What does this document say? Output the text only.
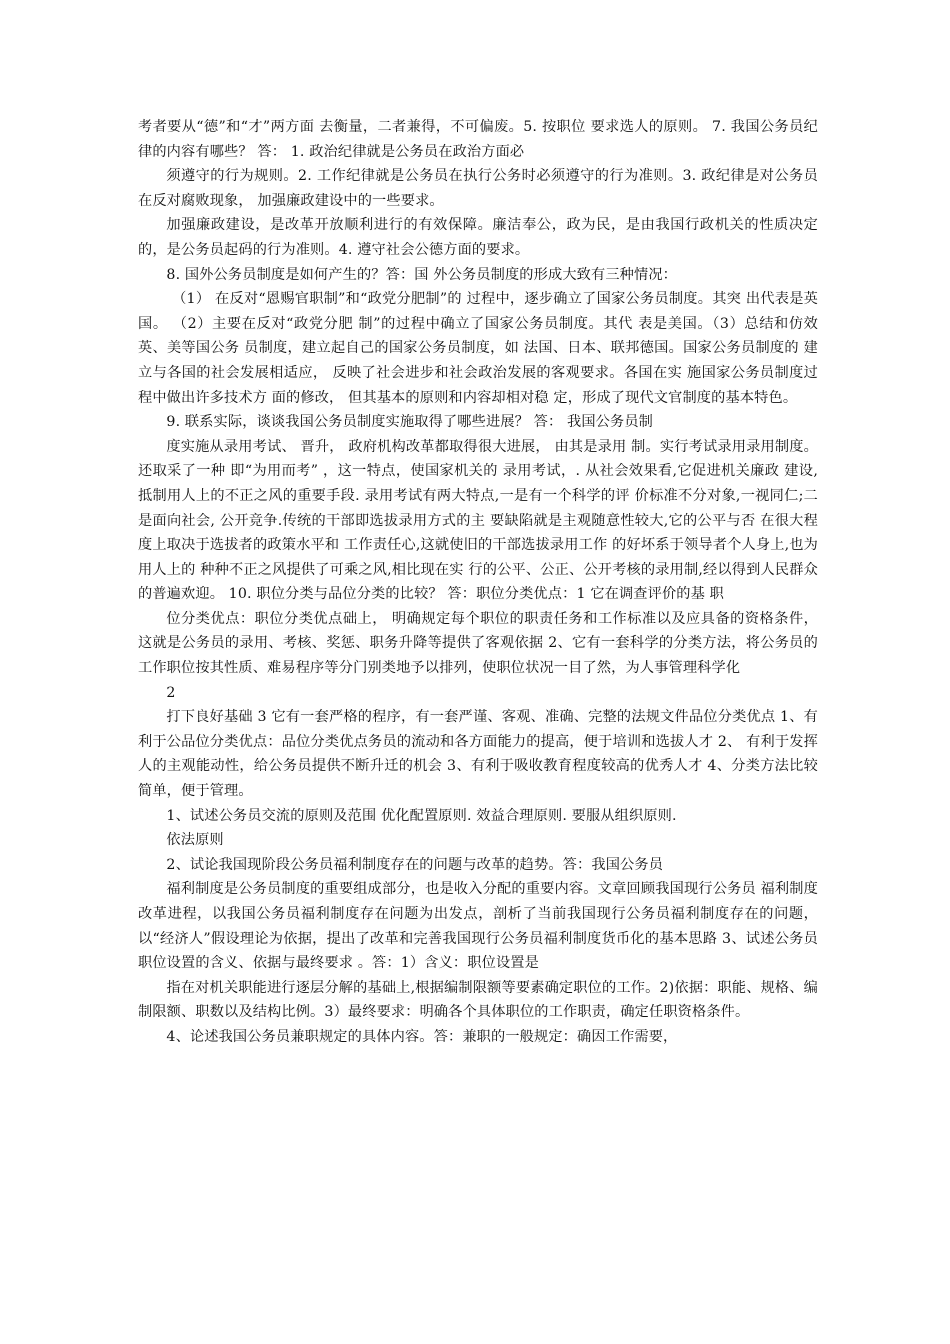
考者要从“德”和“才”两方面 去衡量，二者兼得，不可偏废。5. 按职位 要求选人的原则。 7. 我国公务员纪律的内容有哪些？ 答： 1. 政治纪律就是公务员在政治方面必

须遵守的行为规则。2. 工作纪律就是公务员在执行公务时必须遵守的行为准则。3. 政纪律是对公务员在反对腐败现象， 加强廉政建设中的一些要求。

加强廉政建设，是改革开放顺利进行的有效保障。廉洁奉公，政为民，是由我国行政机关的性质决定的，是公务员起码的行为准则。4. 遵守社会公德方面的要求。

8. 国外公务员制度是如何产生的？答：国 外公务员制度的形成大致有三种情况：

（1） 在反对“恩赐官职制”和“政党分肥制”的 过程中，逐步确立了国家公务员制度。其突 出代表是英国。 （2）主要在反对“政党分肥 制”的过程中确立了国家公务员制度。其代 表是美国。（3）总结和仿效英、美等国公务 员制度，建立起自己的国家公务员制度，如 法国、日本、联邦德国。国家公务员制度的 建立与各国的社会发展相适应， 反映了社会进步和社会政治发展的客观要求。各国在实 施国家公务员制度过程中做出许多技术方 面的修改， 但其基本的原则和内容却相对稳 定，形成了现代文官制度的基本特色。

9. 联系实际，谈谈我国公务员制度实施取得了哪些进展？ 答： 我国公务员制

度实施从录用考试、 晋升， 政府机构改革都取得很大进展， 由其是录用 制。实行考试录用录用制度。还取采了一种 即“为用而考” ，这一特点，使国家机关的 录用考试，. 从社会效果看,它促进机关廉政 建设,抵制用人上的不正之风的重要手段. 录用考试有两大特点,一是有一个科学的评 价标准不分对象,一视同仁;二是面向社会, 公开竞争.传统的干部即选拔录用方式的主 要缺陷就是主观随意性较大,它的公平与否 在很大程度上取决于选拔者的政策水平和 工作责任心,这就使旧的干部选拔录用工作 的好坏系于领导者个人身上,也为用人上的 种种不正之风提供了可乘之风,相比现在实 行的公平、公正、公开考核的录用制,经以得到人民群众的普遍欢迎。 10. 职位分类与品位分类的比较？ 答：职位分类优点：1 它在调查评价的基 职

位分类优点：职位分类优点础上， 明确规定每个职位的职责任务和工作标准以及应具备的资格条件， 这就是公务员的录用、考核、奖惩、职务升降等提供了客观依据 2、它有一套科学的分类方法，将公务员的工作职位按其性质、难易程序等分门别类地予以排列，使职位状况一目了然，为人事管理科学化

2

打下良好基础 3 它有一套严格的程序，有一套严谨、客观、准确、完整的法规文件品位分类优点 1、有利于公品位分类优点：品位分类优点务员的流动和各方面能力的提高，便于培训和选拔人才 2、 有利于发挥人的主观能动性，给公务员提供不断升迁的机会 3、有利于吸收教育程度较高的优秀人才 4、分类方法比较简单，便于管理。

1、试述公务员交流的原则及范围 优化配置原则. 效益合理原则. 要服从组织原则.

依法原则

2、试论我国现阶段公务员福利制度存在的问题与改革的趋势。答：我国公务员

福利制度是公务员制度的重要组成部分，也是收入分配的重要内容。文章回顾我国现行公务员 福利制度改革进程，以我国公务员福利制度存在问题为出发点，剖析了当前我国现行公务员福利制度存在的问题，以“经济人”假设理论为依据，提出了改革和完善我国现行公务员福利制度货币化的基本思路 3、试述公务员职位设置的含义、依据与最终要求 。答：1）含义：职位设置是

指在对机关职能进行逐层分解的基础上,根据编制限额等要素确定职位的工作。2)依据：职能、规格、编制限额、职数以及结构比例。3）最终要求：明确各个具体职位的工作职责，确定任职资格条件。

4、论述我国公务员兼职规定的具体内容。答：兼职的一般规定：确因工作需要，
